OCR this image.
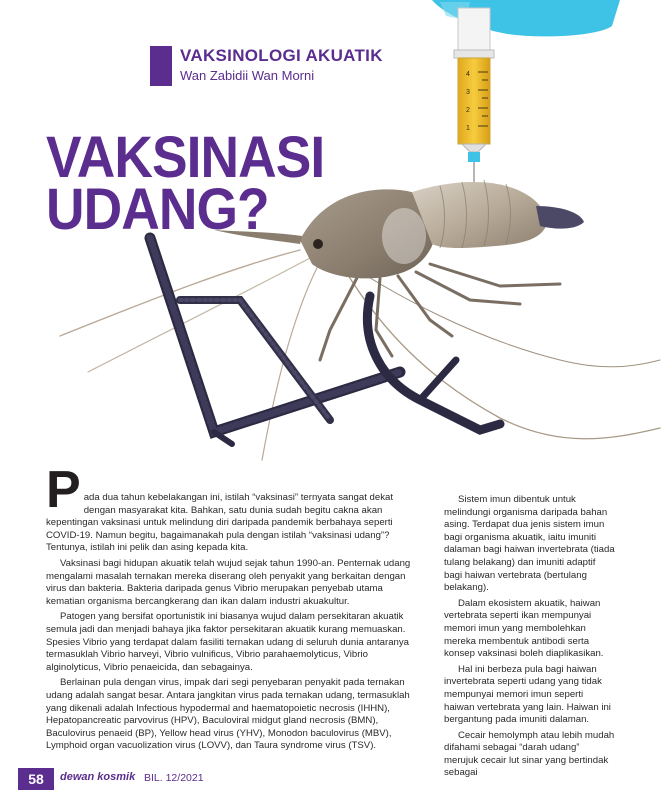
4
3
2
1
VAKSINOLOGI AKUATIK
Wan Zabidii Wan Morni
VAKSINASI
UDANG?

P ada dua tahun kebelakangan ini, istilah “vaksinasi” ternyata sangat dekat dengan masyarakat kita. Bahkan, satu dunia sudah begitu cakna akan kepentingan vaksinasi untuk melindung diri daripada pandemik berbahaya seperti COVID-19. Namun begitu, bagaimanakah pula dengan istilah “vaksinasi udang”? Tentunya, istilah ini pelik dan asing kepada kita.

Vaksinasi bagi hidupan akuatik telah wujud sejak tahun 1990-an. Penternak udang mengalami masalah ternakan mereka diserang oleh penyakit yang berkaitan dengan virus dan bakteria. Bakteria daripada genus Vibrio merupakan penyebab utama kematian organisma bercangkerang dan ikan dalam industri akuakultur.

Patogen yang bersifat oportunistik ini biasanya wujud dalam persekitaran akuatik semula jadi dan menjadi bahaya jika faktor persekitaran akuatik kurang memuaskan. Spesies Vibrio yang terdapat dalam fasiliti ternakan udang di seluruh dunia antaranya termasuklah Vibrio harveyi, Vibrio vulnificus, Vibrio parahaemolyticus, Vibrio alginolyticus, Vibrio penaeicida, dan sebagainya.

Berlainan pula dengan virus, impak dari segi penyebaran penyakit pada ternakan udang adalah sangat besar. Antara jangkitan virus pada ternakan udang, termasuklah yang dikenali adalah Infectious hypodermal and haematopoietic necrosis (IHHN), Hepatopancreatic parvovirus (HPV), Baculoviral midgut gland necrosis (BMN), Baculovirus penaeid (BP), Yellow head virus (YHV), Monodon baculovirus (MBV), Lymphoid organ vacuolization virus (LOVV), dan Taura syndrome virus (TSV).

Sistem imun dibentuk untuk melindungi organisma daripada bahan asing. Terdapat dua jenis sistem imun bagi organisma akuatik, iaitu imuniti dalaman bagi haiwan invertebrata (tiada tulang belakang) dan imuniti adaptif bagi haiwan vertebrata (bertulang belakang).

Dalam ekosistem akuatik, haiwan vertebrata seperti ikan mempunyai memori imun yang membolehkan mereka membentuk antibodi serta konsep vaksinasi boleh diaplikasikan.

Hal ini berbeza pula bagi haiwan invertebrata seperti udang yang tidak mempunyai memori imun seperti haiwan vertebrata yang lain. Haiwan ini bergantung pada imuniti dalaman.

Cecair hemolymph atau lebih mudah difahami sebagai “darah udang” merujuk cecair lut sinar yang bertindak sebagai

58	dewan kosmik BIL. 12/2021
